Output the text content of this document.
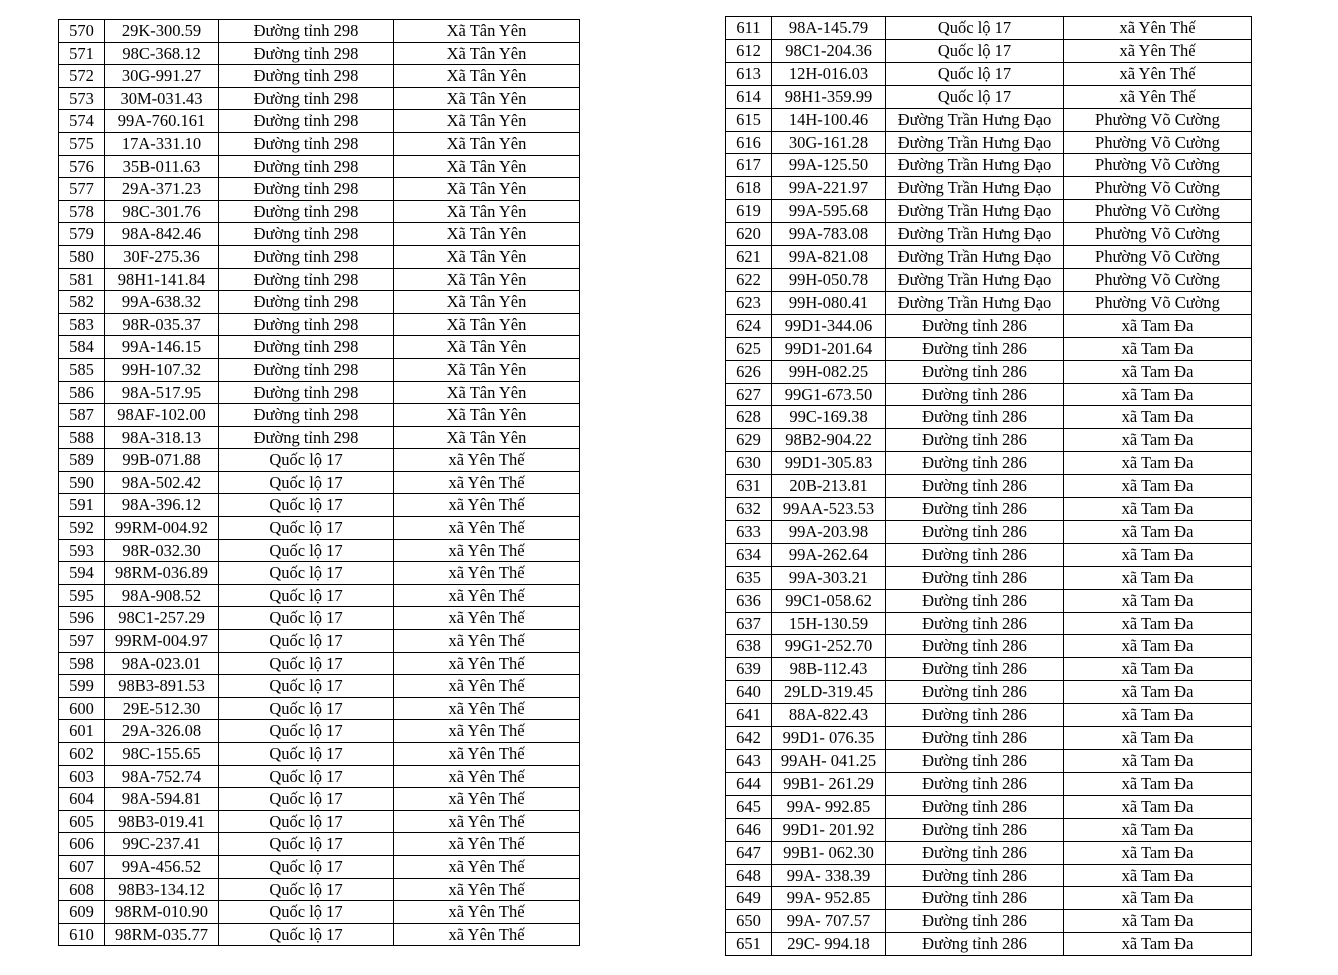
570	29K-300.59	Đường tỉnh 298	Xã Tân Yên
571	98C-368.12	Đường tỉnh 298	Xã Tân Yên
572	30G-991.27	Đường tỉnh 298	Xã Tân Yên
573	30M-031.43	Đường tỉnh 298	Xã Tân Yên
574	99A-760.161	Đường tỉnh 298	Xã Tân Yên
575	17A-331.10	Đường tỉnh 298	Xã Tân Yên
576	35B-011.63	Đường tỉnh 298	Xã Tân Yên
577	29A-371.23	Đường tỉnh 298	Xã Tân Yên
578	98C-301.76	Đường tỉnh 298	Xã Tân Yên
579	98A-842.46	Đường tỉnh 298	Xã Tân Yên
580	30F-275.36	Đường tỉnh 298	Xã Tân Yên
581	98H1-141.84	Đường tỉnh 298	Xã Tân Yên
582	99A-638.32	Đường tỉnh 298	Xã Tân Yên
583	98R-035.37	Đường tỉnh 298	Xã Tân Yên
584	99A-146.15	Đường tỉnh 298	Xã Tân Yên
585	99H-107.32	Đường tỉnh 298	Xã Tân Yên
586	98A-517.95	Đường tỉnh 298	Xã Tân Yên
587	98AF-102.00	Đường tỉnh 298	Xã Tân Yên
588	98A-318.13	Đường tỉnh 298	Xã Tân Yên
589	99B-071.88	Quốc lộ 17	xã Yên Thế
590	98A-502.42	Quốc lộ 17	xã Yên Thế
591	98A-396.12	Quốc lộ 17	xã Yên Thế
592	99RM-004.92	Quốc lộ 17	xã Yên Thế
593	98R-032.30	Quốc lộ 17	xã Yên Thế
594	98RM-036.89	Quốc lộ 17	xã Yên Thế
595	98A-908.52	Quốc lộ 17	xã Yên Thế
596	98C1-257.29	Quốc lộ 17	xã Yên Thế
597	99RM-004.97	Quốc lộ 17	xã Yên Thế
598	98A-023.01	Quốc lộ 17	xã Yên Thế
599	98B3-891.53	Quốc lộ 17	xã Yên Thế
600	29E-512.30	Quốc lộ 17	xã Yên Thế
601	29A-326.08	Quốc lộ 17	xã Yên Thế
602	98C-155.65	Quốc lộ 17	xã Yên Thế
603	98A-752.74	Quốc lộ 17	xã Yên Thế
604	98A-594.81	Quốc lộ 17	xã Yên Thế
605	98B3-019.41	Quốc lộ 17	xã Yên Thế
606	99C-237.41	Quốc lộ 17	xã Yên Thế
607	99A-456.52	Quốc lộ 17	xã Yên Thế
608	98B3-134.12	Quốc lộ 17	xã Yên Thế
609	98RM-010.90	Quốc lộ 17	xã Yên Thế
610	98RM-035.77	Quốc lộ 17	xã Yên Thế
611	98A-145.79	Quốc lộ 17	xã Yên Thế
612	98C1-204.36	Quốc lộ 17	xã Yên Thế
613	12H-016.03	Quốc lộ 17	xã Yên Thế
614	98H1-359.99	Quốc lộ 17	xã Yên Thế
615	14H-100.46	Đường Trần Hưng Đạo	Phường Võ Cường
616	30G-161.28	Đường Trần Hưng Đạo	Phường Võ Cường
617	99A-125.50	Đường Trần Hưng Đạo	Phường Võ Cường
618	99A-221.97	Đường Trần Hưng Đạo	Phường Võ Cường
619	99A-595.68	Đường Trần Hưng Đạo	Phường Võ Cường
620	99A-783.08	Đường Trần Hưng Đạo	Phường Võ Cường
621	99A-821.08	Đường Trần Hưng Đạo	Phường Võ Cường
622	99H-050.78	Đường Trần Hưng Đạo	Phường Võ Cường
623	99H-080.41	Đường Trần Hưng Đạo	Phường Võ Cường
624	99D1-344.06	Đường tỉnh 286	xã Tam Đa
625	99D1-201.64	Đường tỉnh 286	xã Tam Đa
626	99H-082.25	Đường tỉnh 286	xã Tam Đa
627	99G1-673.50	Đường tỉnh 286	xã Tam Đa
628	99C-169.38	Đường tỉnh 286	xã Tam Đa
629	98B2-904.22	Đường tỉnh 286	xã Tam Đa
630	99D1-305.83	Đường tỉnh 286	xã Tam Đa
631	20B-213.81	Đường tỉnh 286	xã Tam Đa
632	99AA-523.53	Đường tỉnh 286	xã Tam Đa
633	99A-203.98	Đường tỉnh 286	xã Tam Đa
634	99A-262.64	Đường tỉnh 286	xã Tam Đa
635	99A-303.21	Đường tỉnh 286	xã Tam Đa
636	99C1-058.62	Đường tỉnh 286	xã Tam Đa
637	15H-130.59	Đường tỉnh 286	xã Tam Đa
638	99G1-252.70	Đường tỉnh 286	xã Tam Đa
639	98B-112.43	Đường tỉnh 286	xã Tam Đa
640	29LD-319.45	Đường tỉnh 286	xã Tam Đa
641	88A-822.43	Đường tỉnh 286	xã Tam Đa
642	99D1- 076.35	Đường tỉnh 286	xã Tam Đa
643	99AH- 041.25	Đường tỉnh 286	xã Tam Đa
644	99B1- 261.29	Đường tỉnh 286	xã Tam Đa
645	99A- 992.85	Đường tỉnh 286	xã Tam Đa
646	99D1- 201.92	Đường tỉnh 286	xã Tam Đa
647	99B1- 062.30	Đường tỉnh 286	xã Tam Đa
648	99A- 338.39	Đường tỉnh 286	xã Tam Đa
649	99A- 952.85	Đường tỉnh 286	xã Tam Đa
650	99A- 707.57	Đường tỉnh 286	xã Tam Đa
651	29C- 994.18	Đường tỉnh 286	xã Tam Đa
